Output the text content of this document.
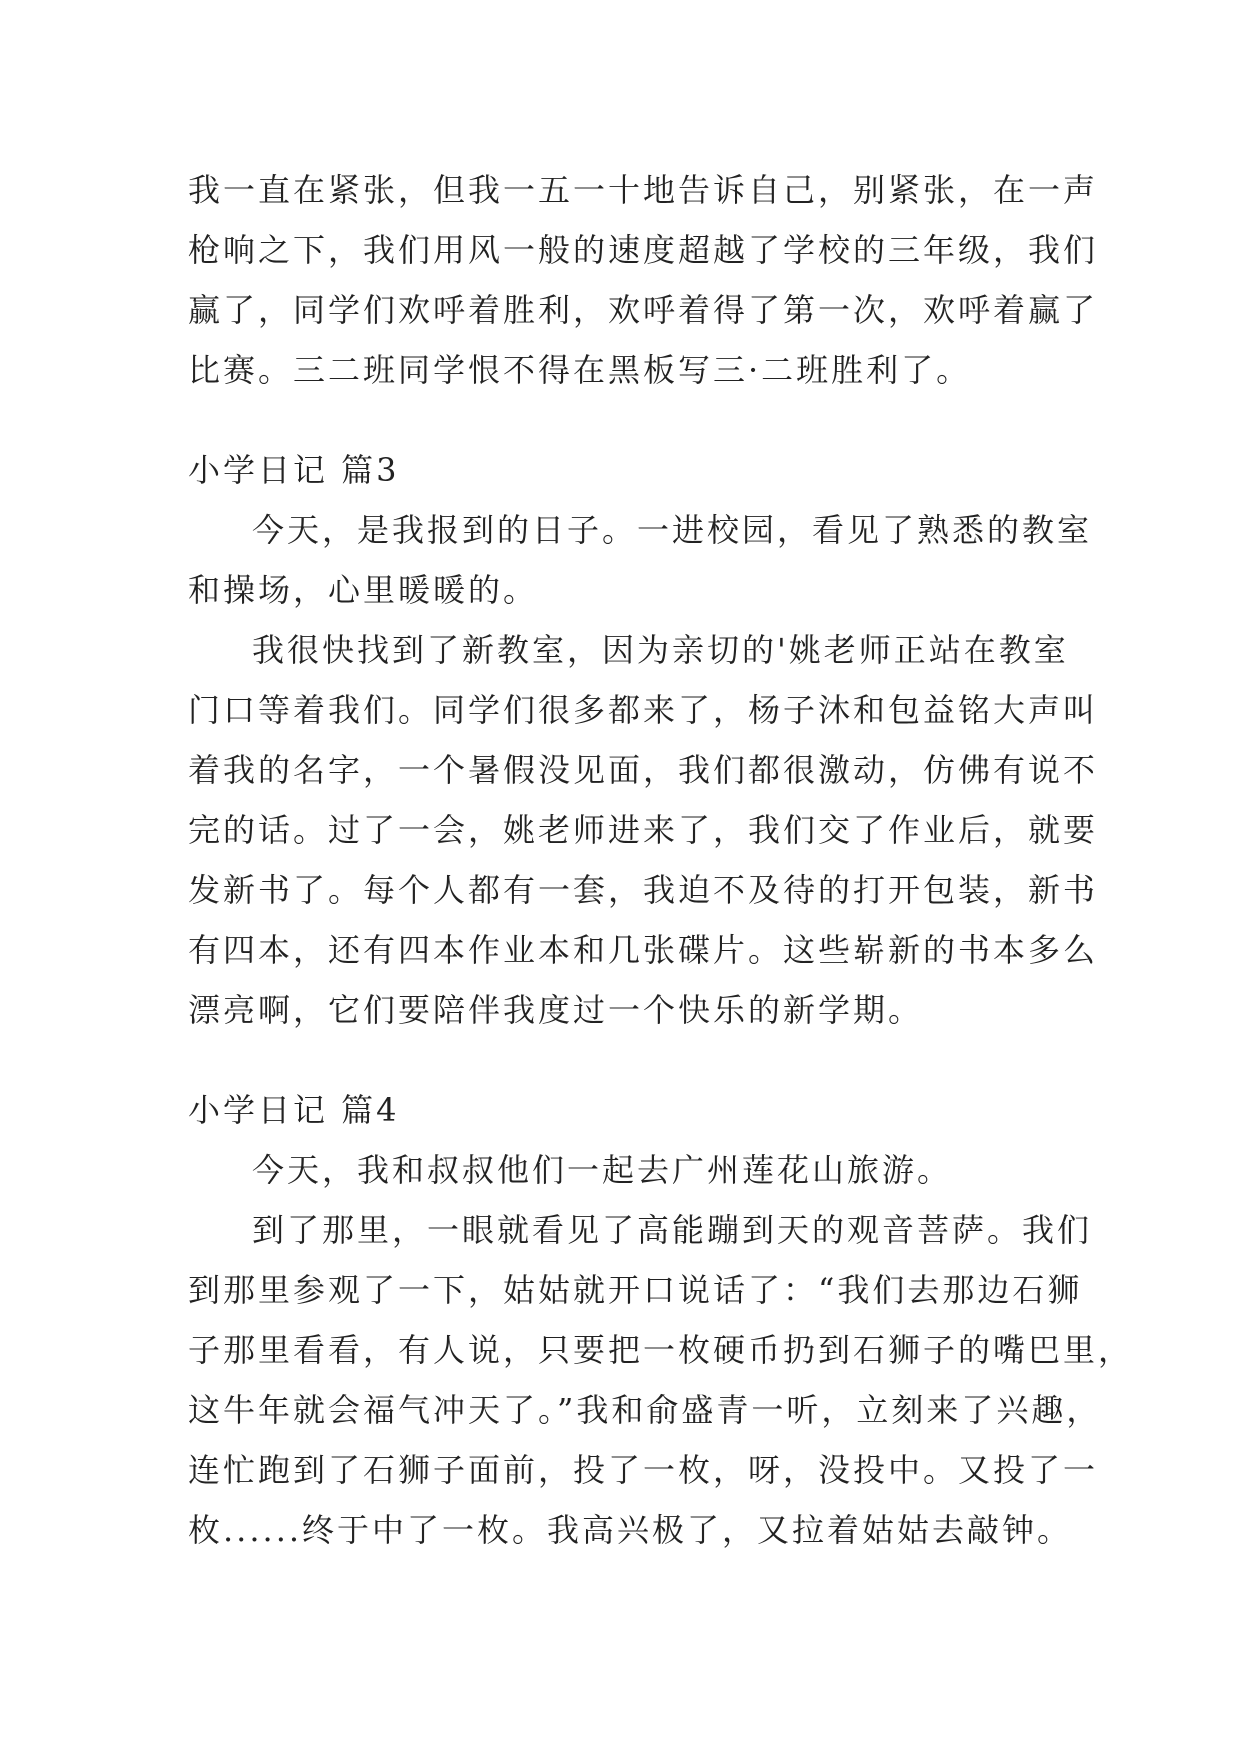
我一直在紧张，但我一五一十地告诉自己，别紧张，在一声
枪响之下，我们用风一般的速度超越了学校的三年级，我们
赢了，同学们欢呼着胜利，欢呼着得了第一次，欢呼着赢了
比赛。三二班同学恨不得在黑板写三·二班胜利了。
小学日记 篇3
今天，是我报到的日子。一进校园，看见了熟悉的教室
和操场，心里暖暖的。
我很快找到了新教室，因为亲切的'姚老师正站在教室
门口等着我们。同学们很多都来了，杨子沐和包益铭大声叫
着我的名字，一个暑假没见面，我们都很激动，仿佛有说不
完的话。过了一会，姚老师进来了，我们交了作业后，就要
发新书了。每个人都有一套，我迫不及待的打开包装，新书
有四本，还有四本作业本和几张碟片。这些崭新的书本多么
漂亮啊，它们要陪伴我度过一个快乐的新学期。
小学日记 篇4
今天，我和叔叔他们一起去广州莲花山旅游。
到了那里，一眼就看见了高能蹦到天的观音菩萨。我们
到那里参观了一下，姑姑就开口说话了：“我们去那边石狮
子那里看看，有人说，只要把一枚硬币扔到石狮子的嘴巴里，
这牛年就会福气冲天了。”我和俞盛青一听，立刻来了兴趣，
连忙跑到了石狮子面前，投了一枚，呀，没投中。又投了一
枚......终于中了一枚。我高兴极了，又拉着姑姑去敲钟。
